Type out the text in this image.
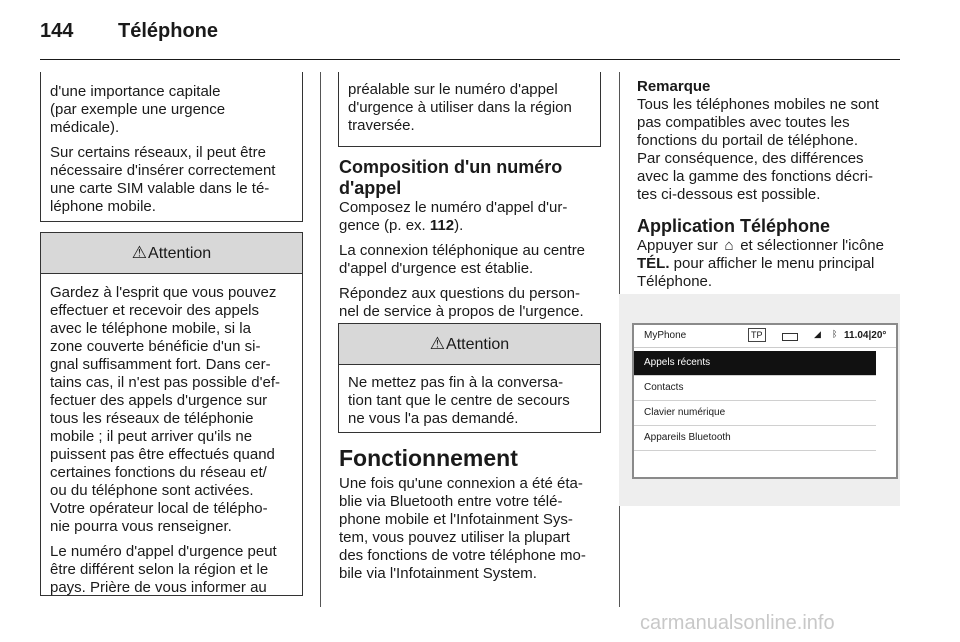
144 Téléphone

d'une importance capitale
(par exemple une urgence
médicale).

Sur certains réseaux, il peut être
nécessaire d'insérer correctement
une carte SIM valable dans le té-
léphone mobile.

⚠Attention

Gardez à l'esprit que vous pouvez
effectuer et recevoir des appels
avec le téléphone mobile, si la
zone couverte bénéficie d'un si-
gnal suffisamment fort. Dans cer-
tains cas, il n'est pas possible d'ef-
fectuer des appels d'urgence sur
tous les réseaux de téléphonie
mobile ; il peut arriver qu'ils ne
puissent pas être effectués quand
certaines fonctions du réseau et/
ou du téléphone sont activées.
Votre opérateur local de télépho-
nie pourra vous renseigner.

Le numéro d'appel d'urgence peut
être différent selon la région et le
pays. Prière de vous informer au

préalable sur le numéro d'appel
d'urgence à utiliser dans la région
traversée.
Composition d'un numéro
d'appel

Composez le numéro d'appel d'ur-
gence (p. ex. 112).

La connexion téléphonique au centre
d'appel d'urgence est établie.

Répondez aux questions du person-
nel de service à propos de l'urgence.

⚠Attention
Ne mettez pas fin à la conversa-
tion tant que le centre de secours
ne vous l'a pas demandé.
Fonctionnement

Une fois qu'une connexion a été éta-
blie via Bluetooth entre votre télé-
phone mobile et l'Infotainment Sys-
tem, vous pouvez utiliser la plupart
des fonctions de votre téléphone mo-
bile via l'Infotainment System.

Remarque

Tous les téléphones mobiles ne sont
pas compatibles avec toutes les
fonctions du portail de téléphone.
Par conséquence, des différences
avec la gamme des fonctions décri-
tes ci-dessous est possible.

Application Téléphone

Appuyer sur ⌂ et sélectionner l'icône
TÉL. pour afficher le menu principal
Téléphone.

MyPhone	TP	◢ ᛒ 11.04|20°
Appels récents
Contacts
Clavier numérique
Appareils Bluetooth
carmanualsonline.info
